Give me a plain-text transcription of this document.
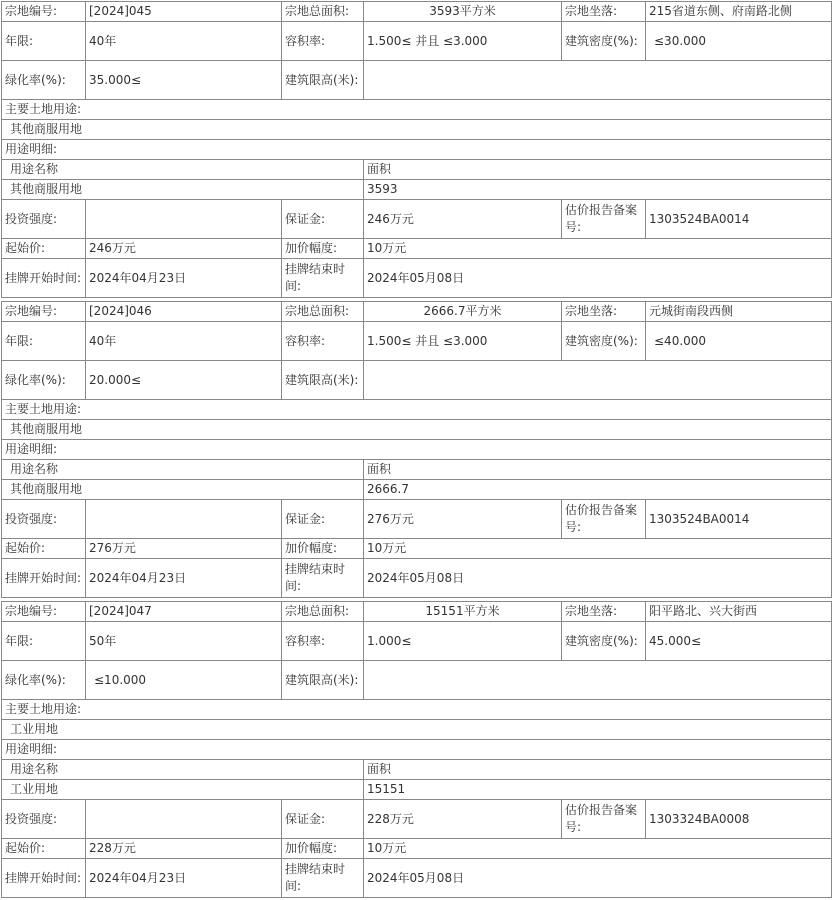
宗地编号:	[2024]045	宗地总面积:	3593平方米	宗地坐落:	215省道东侧、府南路北侧
年限:	40年	容积率:	1.500≤ 并且 ≤3.000	建筑密度(%):	≤30.000
绿化率(%):	35.000≤	建筑限高(米):			
主要土地用途:					
其他商服用地					
用途明细:					
用途名称			面积		
其他商服用地			3593		
投资强度:		保证金:	246万元	估价报告备案号:	1303524BA0014
起始价:	246万元	加价幅度:	10万元		
挂牌开始时间:	2024年04月23日	挂牌结束时间:	2024年05月08日		
宗地编号:	[2024]046	宗地总面积:	2666.7平方米	宗地坐落:	元城街南段西侧
年限:	40年	容积率:	1.500≤ 并且 ≤3.000	建筑密度(%):	≤40.000
绿化率(%):	20.000≤	建筑限高(米):			
主要土地用途:					
其他商服用地					
用途明细:					
用途名称			面积		
其他商服用地			2666.7		
投资强度:		保证金:	276万元	估价报告备案号:	1303524BA0014
起始价:	276万元	加价幅度:	10万元		
挂牌开始时间:	2024年04月23日	挂牌结束时间:	2024年05月08日		
宗地编号:	[2024]047	宗地总面积:	15151平方米	宗地坐落:	阳平路北、兴大街西
年限:	50年	容积率:	1.000≤	建筑密度(%):	45.000≤
绿化率(%):	≤10.000	建筑限高(米):			
主要土地用途:					
工业用地					
用途明细:					
用途名称			面积		
工业用地			15151		
投资强度:		保证金:	228万元	估价报告备案号:	1303324BA0008
起始价:	228万元	加价幅度:	10万元		
挂牌开始时间:	2024年04月23日	挂牌结束时间:	2024年05月08日		
